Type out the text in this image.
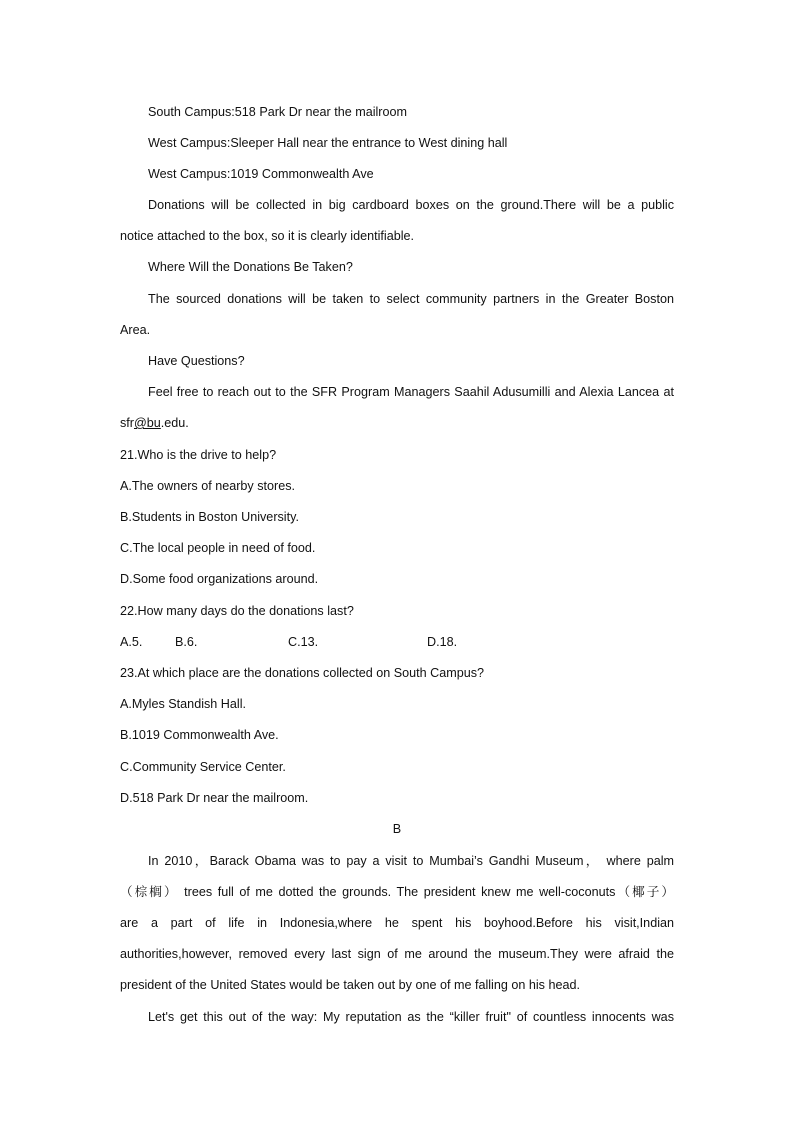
South Campus:518 Park Dr near the mailroom
West Campus:Sleeper Hall near the entrance to West dining hall
West Campus:1019 Commonwealth Ave
Donations will be collected in big cardboard boxes on the ground.There will be a public
notice attached to the box, so it is clearly identifiable.
Where Will the Donations Be Taken?
The sourced donations will be taken to select community partners in the Greater Boston
Area.
Have Questions?
Feel free to reach out to the SFR Program Managers Saahil Adusumilli and Alexia Lancea at
sfr@bu.edu.
21.Who is the drive to help?
A.The owners of nearby stores.
B.Students in Boston University.
C.The local people in need of food.
D.Some food organizations around.
22.How many days do the donations last?
A.5.	B.6.	C.13.	D.18.
23.At which place are the donations collected on South Campus?
A.Myles Standish Hall.
B.1019 Commonwealth Ave.
C.Community Service Center.
D.518 Park Dr near the mailroom.
B
In 2010，Barack Obama was to pay a visit to Mumbai’s Gandhi Museum， where palm
（棕榈） trees full of me dotted the grounds. The president knew me well-coconuts（椰子）
are a part of life in Indonesia,where he spent his boyhood.Before his visit,Indian
authorities,however, removed every last sign of me around the museum.They were afraid the
president of the United States would be taken out by one of me falling on his head.
Let's get this out of the way: My reputation as the “killer fruit" of countless innocents was
